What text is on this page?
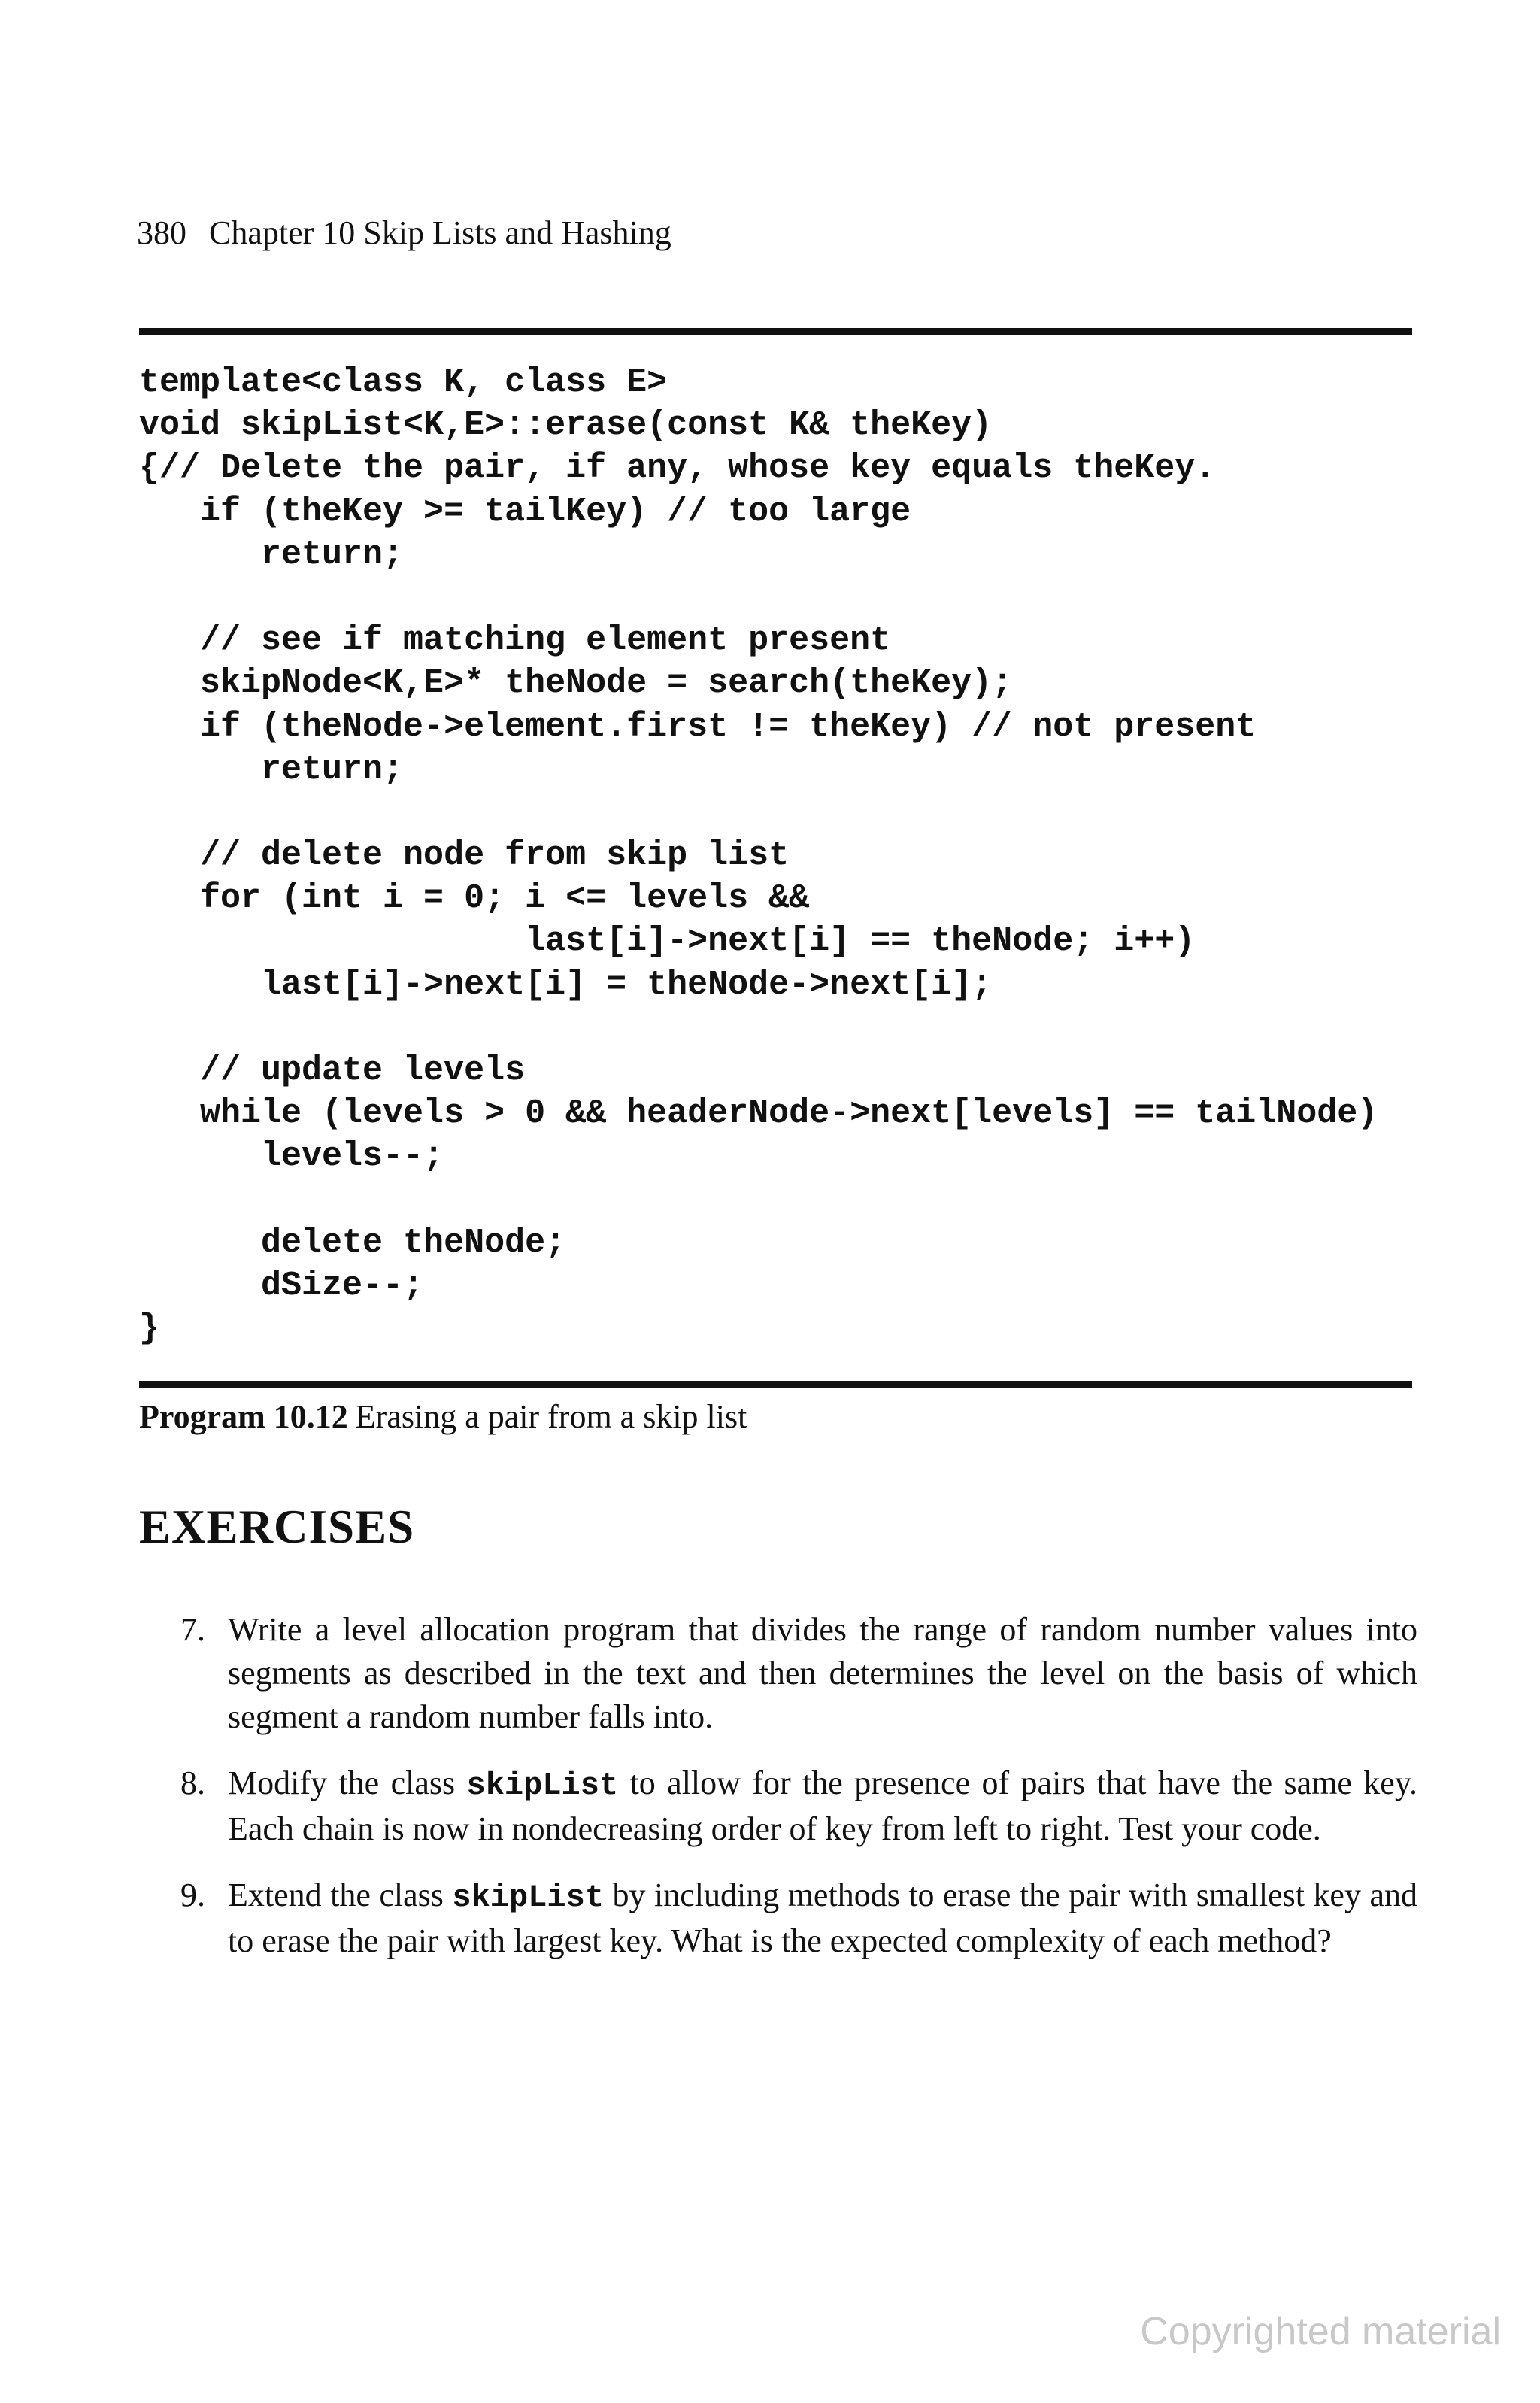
380 Chapter 10 Skip Lists and Hashing
template<class K, class E>
void skipList<K,E>::erase(const K& theKey)
{// Delete the pair, if any, whose key equals theKey.
if (theKey >= tailKey) // too large
return;
// see if matching element present
skipNode<K,E>* theNode = search(theKey);
if (theNode->element.first != theKey) // not present
return;
// delete node from skip list
for (int i = 0; i <= levels &&
last[i]->next[i] == theNode; i++)
last[i]->next[i] = theNode->next[i];
// update levels
while (levels > 0 && headerNode->next[levels] == tailNode)
levels--;
delete theNode;
dSize--;
}
Program 10.12 Erasing a pair from a skip list
EXERCISES
7. Write a level allocation program that divides the range of random number values into segments as described in the text and then determines the level on the basis of which segment a random number falls into.
8. Modify the class skipList to allow for the presence of pairs that have the same key. Each chain is now in nondecreasing order of key from left to right. Test your code.
9. Extend the class skipList by including methods to erase the pair with smallest key and to erase the pair with largest key. What is the expected complexity of each method?
Copyrighted material
